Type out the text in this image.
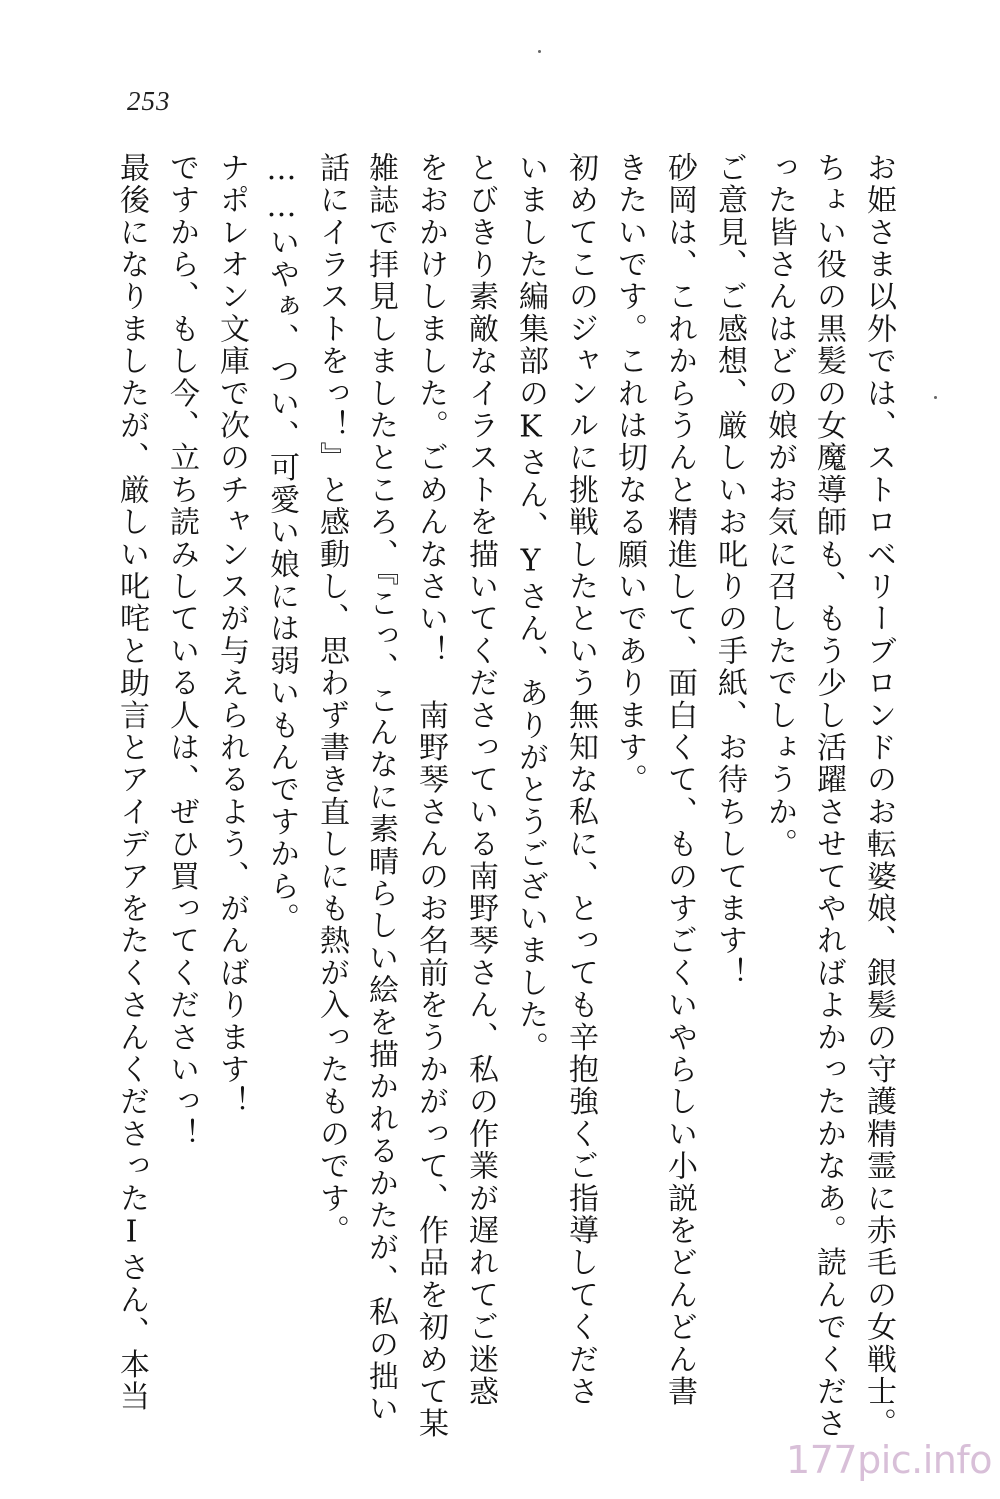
253
お姫さま以外では、ストロベリーブロンドのお転婆娘、銀髪の守護精霊に赤毛の女戦士。
ちょい役の黒髪の女魔導師も、もう少し活躍させてやればよかったかなあ。読んでくださ
った皆さんはどの娘がお気に召したでしょうか。
ご意見、ご感想、厳しいお叱りの手紙、お待ちしてます！
砂岡は、これからうんと精進して、面白くて、ものすごくいやらしい小説をどんどん書
きたいです。これは切なる願いであります。
初めてこのジャンルに挑戦したという無知な私に、とっても辛抱強くご指導してくださ
いました編集部のKさん、Yさん、ありがとうございました。
とびきり素敵なイラストを描いてくださっている南野琴さん、私の作業が遅れてご迷惑
をおかけしました。ごめんなさい！　南野琴さんのお名前をうかがって、作品を初めて某
雑誌で拝見しましたところ、『こっ、こんなに素晴らしい絵を描かれるかたが、私の拙い
話にイラストをっ！』と感動し、思わず書き直しにも熱が入ったものです。
……いやぁ、つい、可愛い娘には弱いもんですから。
ナポレオン文庫で次のチャンスが与えられるよう、がんばります！
ですから、もし今、立ち読みしている人は、ぜひ買ってくださいっ！
最後になりましたが、厳しい叱咤と助言とアイデアをたくさんくださったIさん、本当
177pic.info
